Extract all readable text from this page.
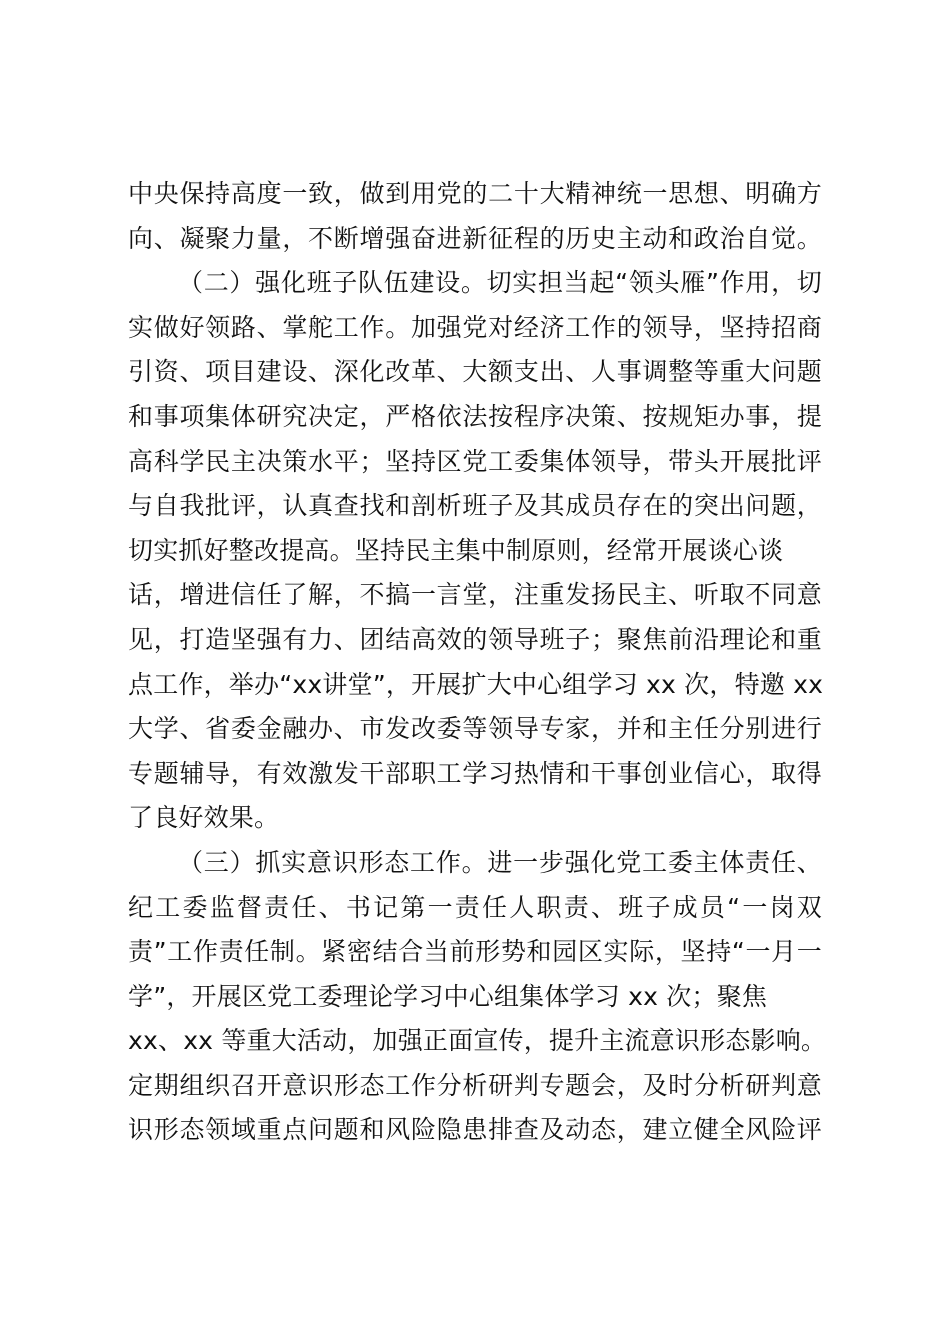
中央保持高度一致，做到用党的二十大精神统一思想、明确方
向、凝聚力量，不断增强奋进新征程的历史主动和政治自觉。
（二）强化班子队伍建设。切实担当起“领头雁”作用，切
实做好领路、掌舵工作。加强党对经济工作的领导，坚持招商
引资、项目建设、深化改革、大额支出、人事调整等重大问题
和事项集体研究决定，严格依法按程序决策、按规矩办事，提
高科学民主决策水平；坚持区党工委集体领导，带头开展批评
与自我批评，认真查找和剖析班子及其成员存在的突出问题，
切实抓好整改提高。坚持民主集中制原则，经常开展谈心谈
话，增进信任了解，不搞一言堂，注重发扬民主、听取不同意
见，打造坚强有力、团结高效的领导班子；聚焦前沿理论和重
点工作，举办“xx讲堂”，开展扩大中心组学习 xx 次，特邀 xx
大学、省委金融办、市发改委等领导专家，并和主任分别进行
专题辅导，有效激发干部职工学习热情和干事创业信心，取得
了良好效果。
（三）抓实意识形态工作。进一步强化党工委主体责任、
纪工委监督责任、书记第一责任人职责、班子成员“一岗双
责”工作责任制。紧密结合当前形势和园区实际，坚持“一月一
学”，开展区党工委理论学习中心组集体学习 xx 次；聚焦
xx、xx 等重大活动，加强正面宣传，提升主流意识形态影响。
定期组织召开意识形态工作分析研判专题会，及时分析研判意
识形态领域重点问题和风险隐患排查及动态，建立健全风险评
